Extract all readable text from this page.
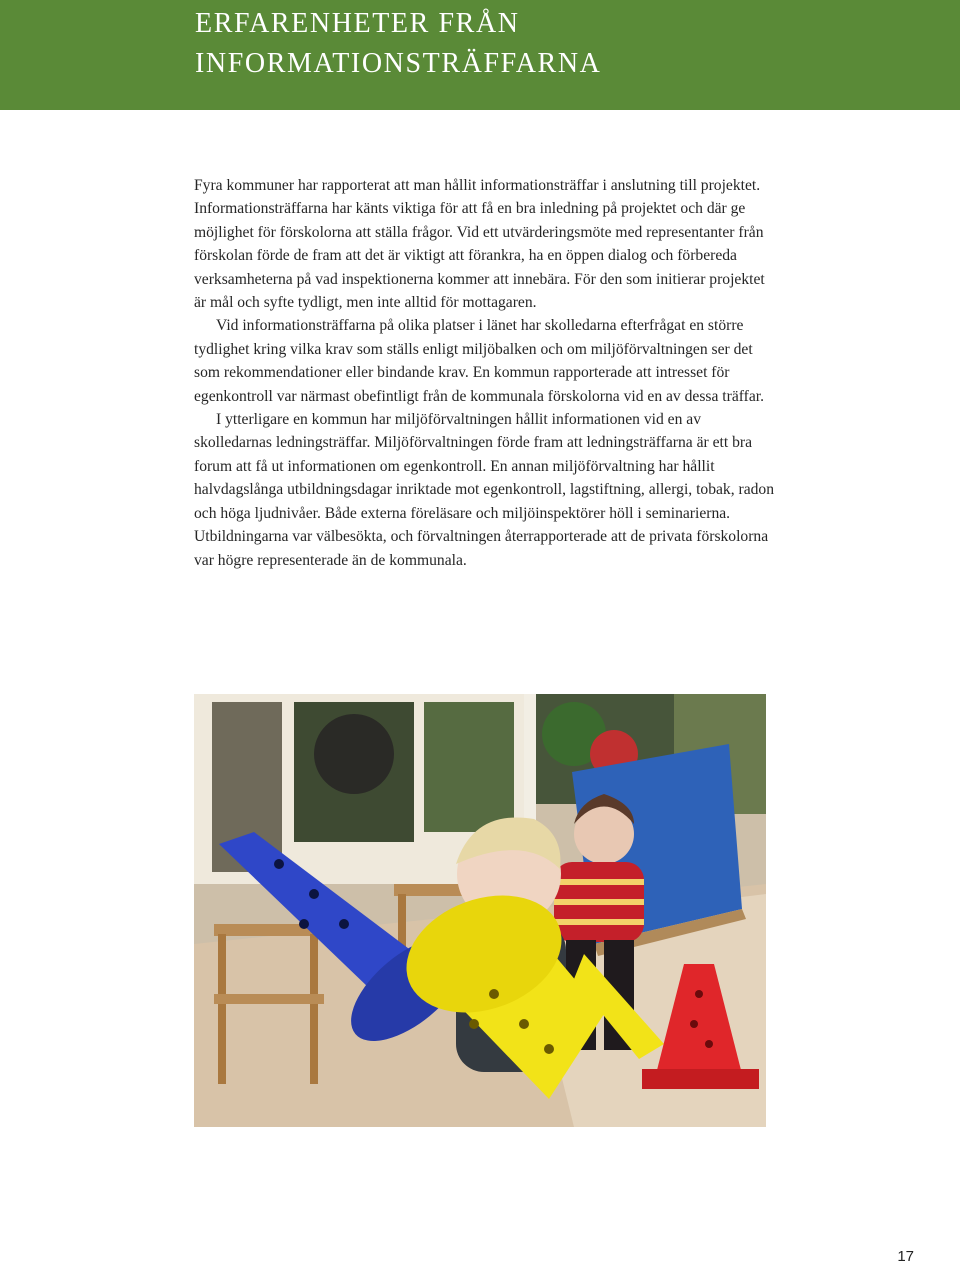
ERFARENHETER FRÅN
INFORMATIONSTRÄFFARNA

Fyra kommuner har rapporterat att man hållit informationsträffar i anslutning till projektet. Informationsträffarna har känts viktiga för att få en bra inledning på projektet och där ge möjlighet för förskolorna att ställa frågor. Vid ett utvärderingsmöte med representanter från förskolan förde de fram att det är viktigt att förankra, ha en öppen dialog och förbereda verksamheterna på vad inspektionerna kommer att innebära. För den som initierar projektet är mål och syfte tydligt, men inte alltid för mottagaren.

Vid informationsträffarna på olika platser i länet har skolledarna efterfrågat en större tydlighet kring vilka krav som ställs enligt miljöbalken och om miljöförvaltningen ser det som rekommendationer eller bindande krav. En kommun rapporterade att intresset för egenkontroll var närmast obefintligt från de kommunala förskolorna vid en av dessa träffar.

I ytterligare en kommun har miljöförvaltningen hållit informationen vid en av skolledarnas ledningsträffar. Miljöförvaltningen förde fram att ledningsträffarna är ett bra forum att få ut informationen om egenkontroll. En annan miljöförvaltning har hållit halvdagslånga utbildningsdagar inriktade mot egenkontroll, lagstiftning, allergi, tobak, radon och höga ljudnivåer. Både externa föreläsare och miljöinspektörer höll i seminarierna. Utbildningarna var välbesökta, och förvaltningen återrapporterade att de privata förskolorna var högre representerade än de kommunala.

17
